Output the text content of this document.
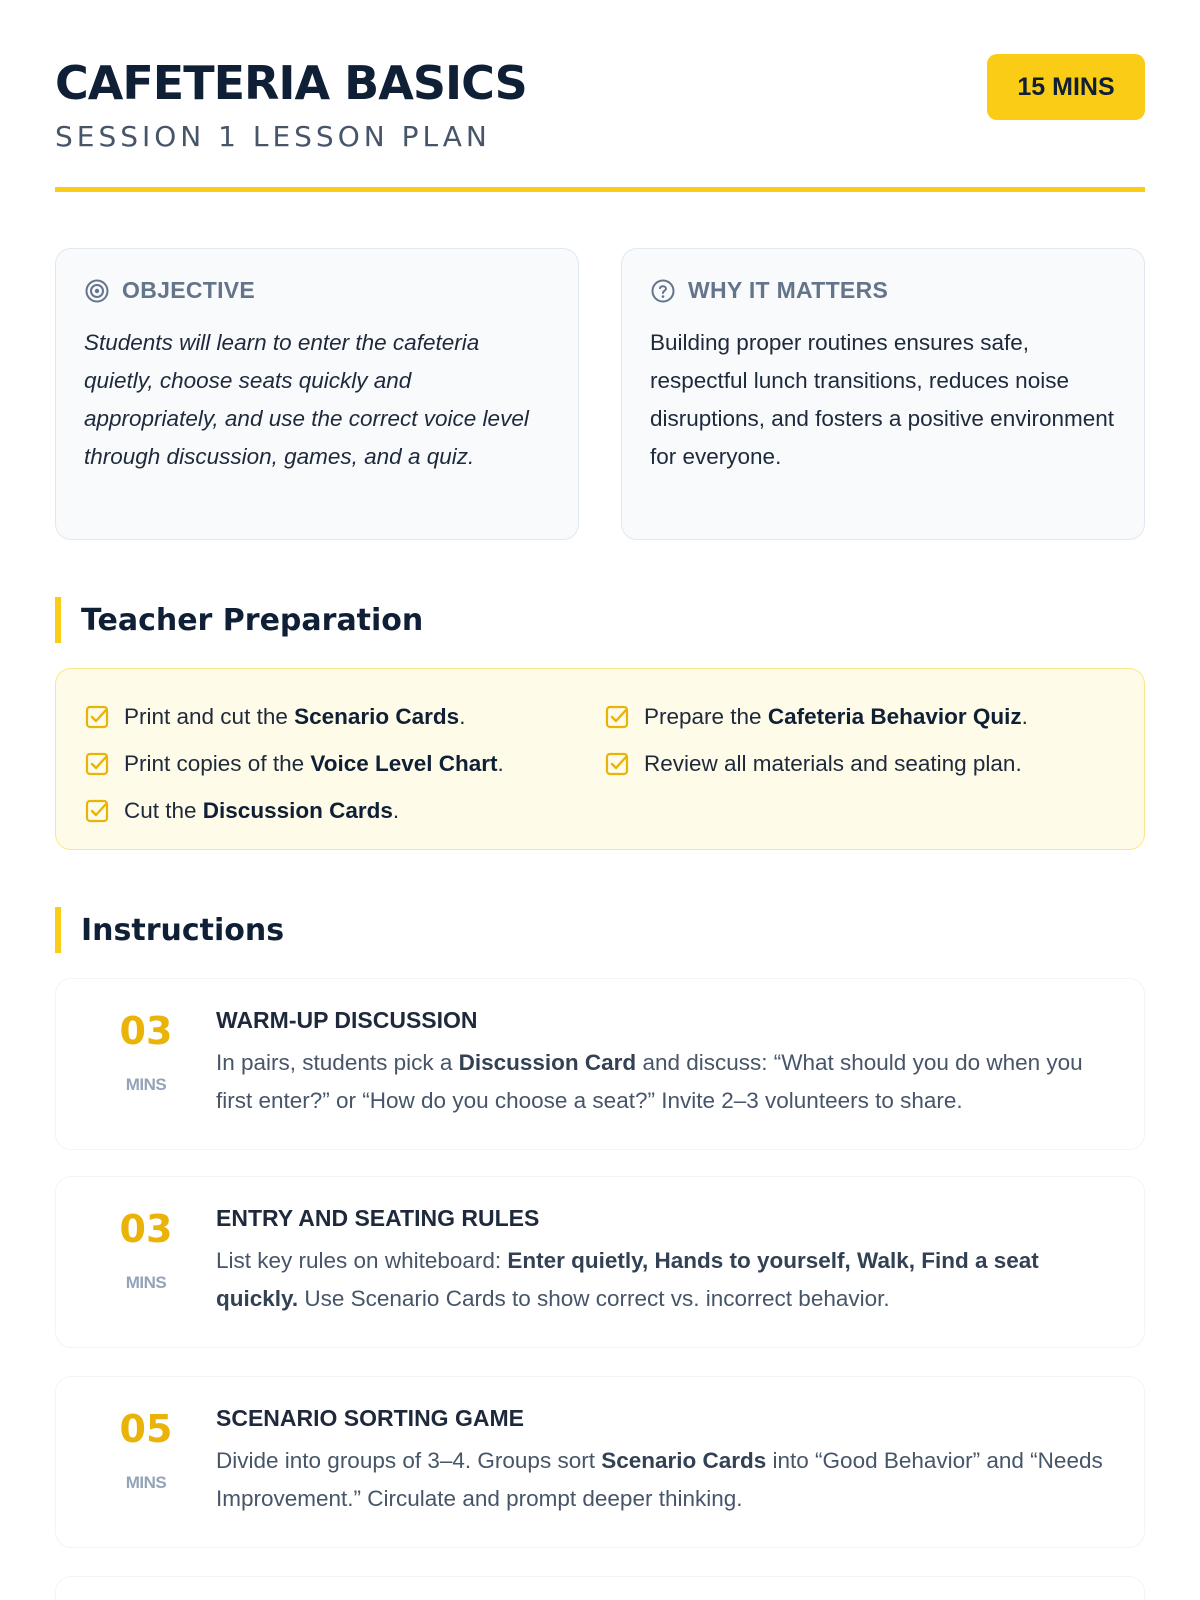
CAFETERIA BASICS
SESSION 1 LESSON PLAN
15 MINS
OBJECTIVE
Students will learn to enter the cafeteria quietly, choose seats quickly and appropriately, and use the correct voice level through discussion, games, and a quiz.
WHY IT MATTERS
Building proper routines ensures safe, respectful lunch transitions, reduces noise disruptions, and fosters a positive environment for everyone.
Teacher Preparation
Print and cut the Scenario Cards.
Print copies of the Voice Level Chart.
Cut the Discussion Cards.
Prepare the Cafeteria Behavior Quiz.
Review all materials and seating plan.
Instructions
03
MINS
WARM-UP DISCUSSION
In pairs, students pick a Discussion Card and discuss: “What should you do when you first enter?” or “How do you choose a seat?” Invite 2–3 volunteers to share.
03
MINS
ENTRY AND SEATING RULES
List key rules on whiteboard: Enter quietly, Hands to yourself, Walk, Find a seat quickly. Use Scenario Cards to show correct vs. incorrect behavior.
05
MINS
SCENARIO SORTING GAME
Divide into groups of 3–4. Groups sort Scenario Cards into “Good Behavior” and “Needs Improvement.” Circulate and prompt deeper thinking.
